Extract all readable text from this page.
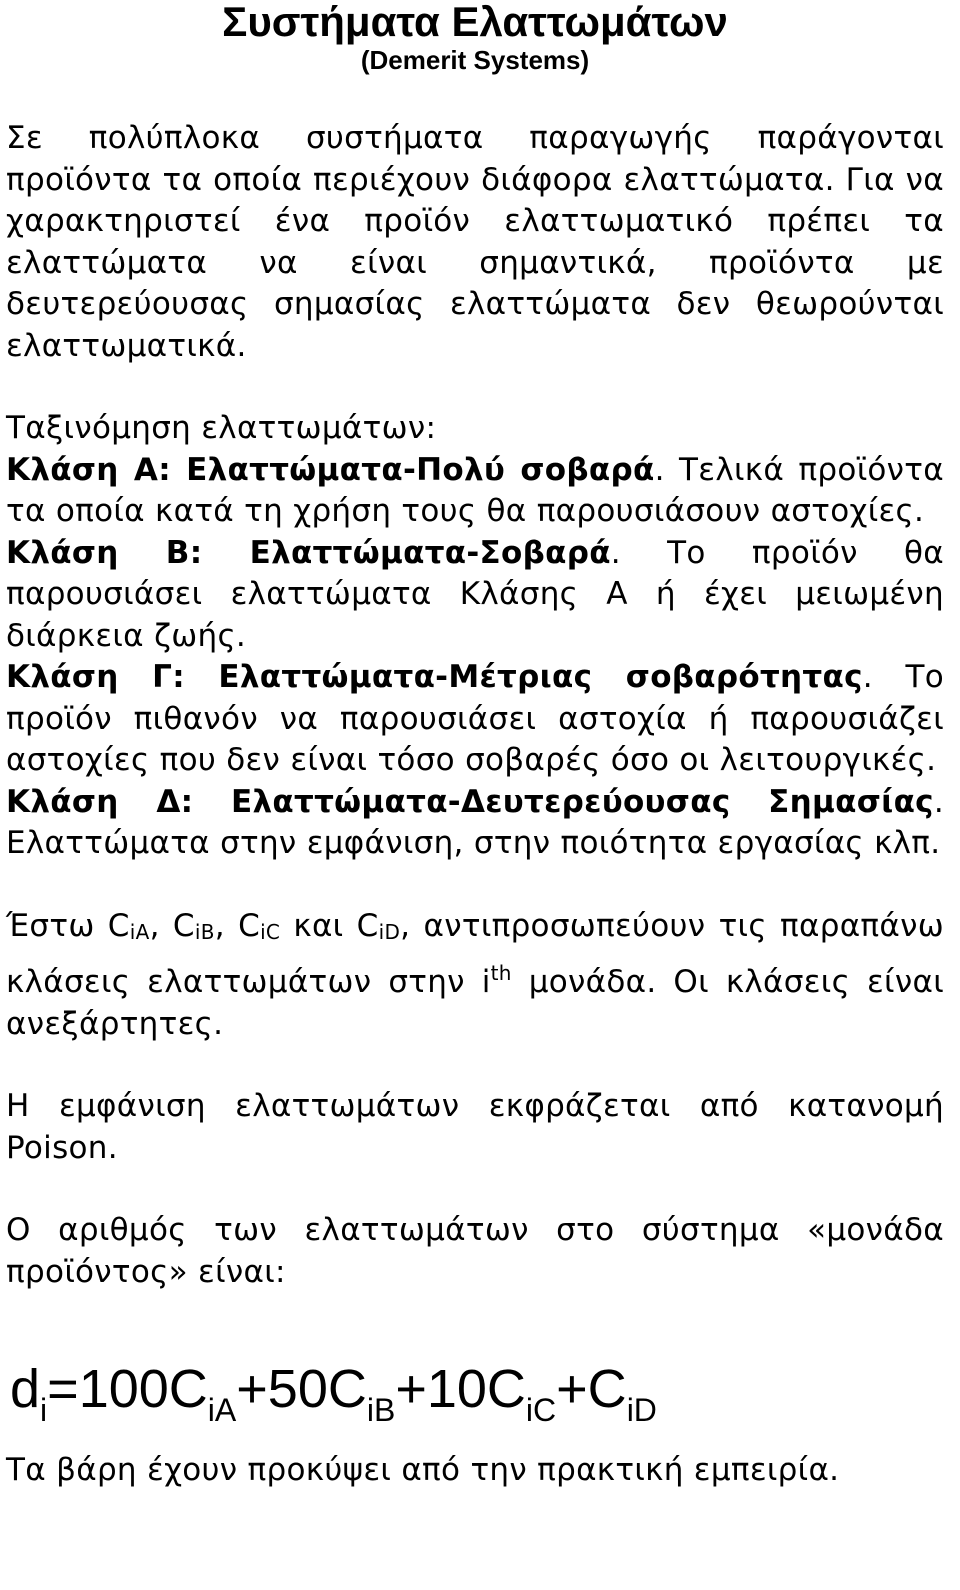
Συστήματα Ελαττωμάτων

(Demerit Systems)

Σε πολύπλοκα συστήματα παραγωγής παράγονται προϊόντα τα οποία περιέχουν διάφορα ελαττώματα. Για να χαρακτηριστεί ένα προϊόν ελαττωματικό πρέπει τα ελαττώματα να είναι σημαντικά, προϊόντα με δευτερεύουσας σημασίας ελαττώματα δεν θεωρούνται ελαττωματικά.

Ταξινόμηση ελαττωμάτων:

Κλάση Α: Ελαττώματα-Πολύ σοβαρά. Τελικά προϊόντα τα οποία κατά τη χρήση τους θα παρουσιάσουν αστοχίες.

Κλάση Β: Ελαττώματα-Σοβαρά. Το προϊόν θα παρουσιάσει ελαττώματα Κλάσης Α ή έχει μειωμένη διάρκεια ζωής.

Κλάση Γ: Ελαττώματα-Μέτριας σοβαρότητας. Το προϊόν πιθανόν να παρουσιάσει αστοχία ή παρουσιάζει αστοχίες που δεν είναι τόσο σοβαρές όσο οι λειτουργικές.

Κλάση Δ: Ελαττώματα-Δευτερεύουσας Σημασίας. Ελαττώματα στην εμφάνιση, στην ποιότητα εργασίας κλπ.

Έστω CiA, CiB, CiC και CiD, αντιπροσωπεύουν τις παραπάνω κλάσεις ελαττωμάτων στην $i^{th}$ μονάδα. Οι κλάσεις είναι ανεξάρτητες.

Η εμφάνιση ελαττωμάτων εκφράζεται από κατανομή Poison.

Ο αριθμός των ελαττωμάτων στο σύστημα «μονάδα προϊόντος» είναι:

$d_i=100C_{iA}+50C_{iB}+10C_{iC}+C_{iD}$

Τα βάρη έχουν προκύψει από την πρακτική εμπειρία.
